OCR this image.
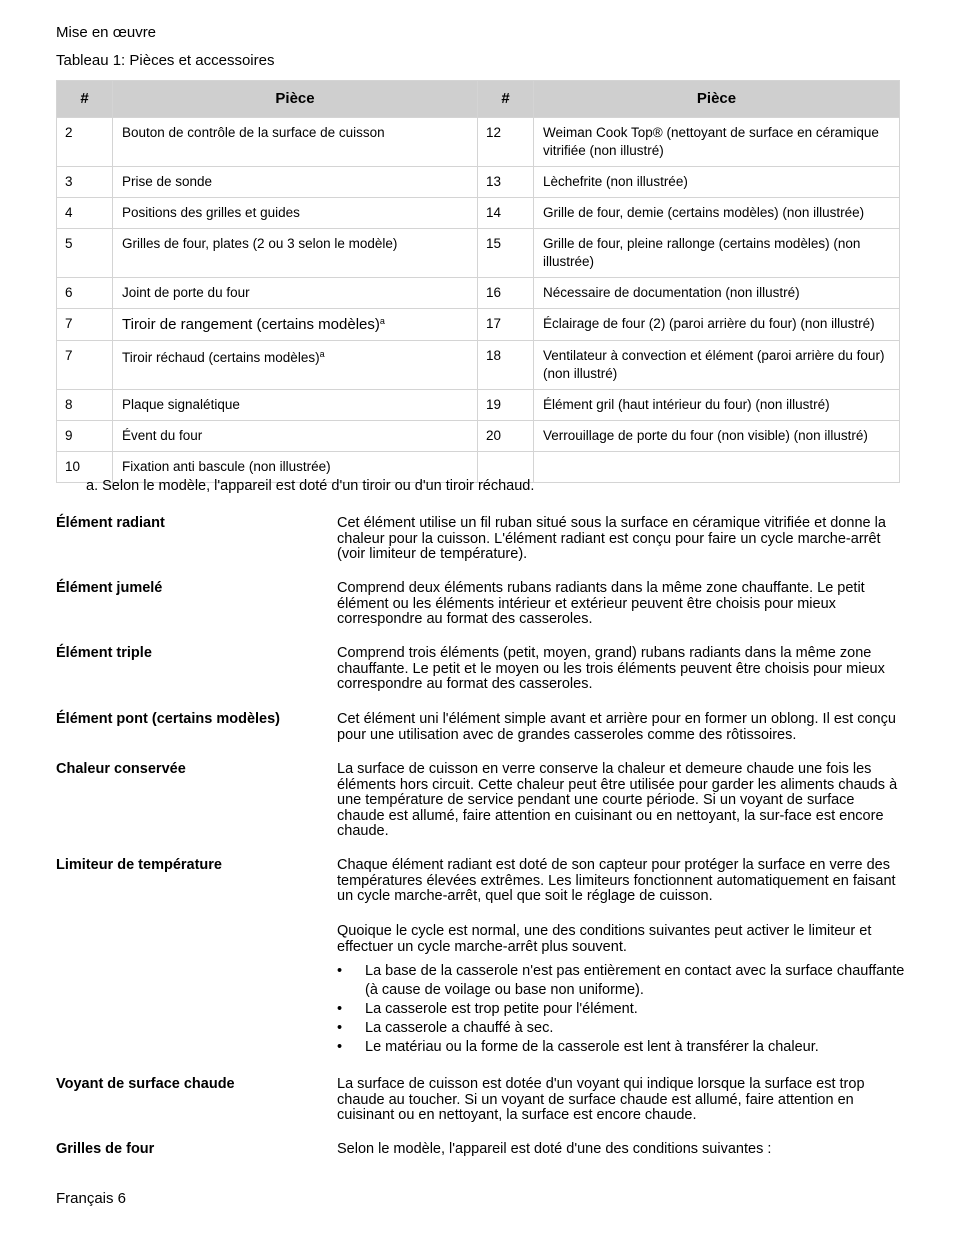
Mise en œuvre
Tableau 1: Pièces et accessoires
#	Pièce	#	Pièce
2	Bouton de contrôle de la surface de cuisson	12	Weiman Cook Top® (nettoyant de surface en céramique vitrifiée (non illustré)
3	Prise de sonde	13	Lèchefrite (non illustrée)
4	Positions des grilles et guides	14	Grille de four, demie (certains modèles) (non illustrée)
5	Grilles de four, plates (2 ou 3 selon le modèle)	15	Grille de four, pleine rallonge (certains modèles) (non illustrée)
6	Joint de porte du four	16	Nécessaire de documentation (non illustré)
7	Tiroir de rangement (certains modèles)$^a$	17	Éclairage de four (2) (paroi arrière du four) (non illustré)
7	Tiroir réchaud (certains modèles)$^a$	18	Ventilateur à convection et élément (paroi arrière du four) (non illustré)
8	Plaque signalétique	19	Élément gril (haut intérieur du four) (non illustré)
9	Évent du four	20	Verrouillage de porte du four (non visible) (non illustré)
10	Fixation anti bascule (non illustrée)		
a. Selon le modèle, l'appareil est doté d'un tiroir ou d'un tiroir réchaud.
Élément radiant	Cet élément utilise un fil ruban situé sous la surface en céramique vitrifiée et donne la chaleur pour la cuisson. L'élément radiant est conçu pour faire un cycle marche-arrêt (voir limiteur de température).
Élément jumelé	Comprend deux éléments rubans radiants dans la même zone chauffante. Le petit élément ou les éléments intérieur et extérieur peuvent être choisis pour mieux correspondre au format des casseroles.
Élément triple	Comprend trois éléments (petit, moyen, grand) rubans radiants dans la même zone chauffante. Le petit et le moyen ou les trois éléments peuvent être choisis pour mieux correspondre au format des casseroles.
Élément pont (certains modèles)	Cet élément uni l'élément simple avant et arrière pour en former un oblong. Il est conçu pour une utilisation avec de grandes casseroles comme des rôtissoires.
Chaleur conservée	La surface de cuisson en verre conserve la chaleur et demeure chaude une fois les éléments hors circuit. Cette chaleur peut être utilisée pour garder les aliments chauds à une température de service pendant une courte période. Si un voyant de surface chaude est allumé, faire attention en cuisinant ou en nettoyant, la sur-face est encore chaude.
Limiteur de température	Chaque élément radiant est doté de son capteur pour protéger la surface en verre des températures élevées extrêmes. Les limiteurs fonctionnent automatiquement en faisant un cycle marche-arrêt, quel que soit le réglage de cuisson.
Quoique le cycle est normal, une des conditions suivantes peut activer le limiteur et effectuer un cycle marche-arrêt plus souvent.
• La base de la casserole n'est pas entièrement en contact avec la surface chauffante (à cause de voilage ou base non uniforme).
• La casserole est trop petite pour l'élément.
• La casserole a chauffé à sec.
• Le matériau ou la forme de la casserole est lent à transférer la chaleur.
Voyant de surface chaude	La surface de cuisson est dotée d'un voyant qui indique lorsque la surface est trop chaude au toucher. Si un voyant de surface chaude est allumé, faire attention en cuisinant ou en nettoyant, la surface est encore chaude.
Grilles de four	Selon le modèle, l'appareil est doté d'une des conditions suivantes :
Français 6
